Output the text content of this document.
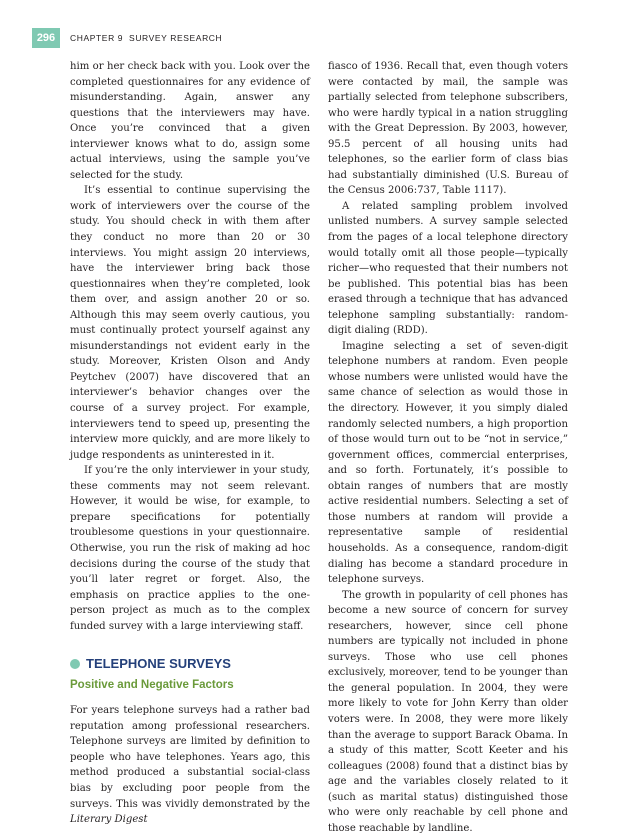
296	CHAPTER 9 SURVEY RESEARCH

him or her check back with you. Look over the completed questionnaires for any evidence of misunderstanding. Again, answer any questions that the interviewers may have. Once you’re convinced that a given interviewer knows what to do, assign some actual interviews, using the sample you’ve selected for the study.

It’s essential to continue supervising the work of interviewers over the course of the study. You should check in with them after they conduct no more than 20 or 30 interviews. You might assign 20 interviews, have the interviewer bring back those questionnaires when they’re completed, look them over, and assign another 20 or so. Although this may seem overly cautious, you must continually protect yourself against any misunderstandings not evident early in the study. Moreover, Kristen Olson and Andy Peytchev (2007) have discovered that an interviewer’s behavior changes over the course of a survey project. For example, interviewers tend to speed up, presenting the interview more quickly, and are more likely to judge respondents as uninterested in it.

If you’re the only interviewer in your study, these comments may not seem relevant. However, it would be wise, for example, to prepare specifications for potentially troublesome questions in your questionnaire. Otherwise, you run the risk of making ad hoc decisions during the course of the study that you’ll later regret or forget. Also, the emphasis on practice applies to the one-person project as much as to the complex funded survey with a large interviewing staff.

TELEPHONE SURVEYS
Positive and Negative Factors

For years telephone surveys had a rather bad reputation among professional researchers. Telephone surveys are limited by definition to people who have telephones. Years ago, this method produced a substantial social-class bias by excluding poor people from the surveys. This was vividly demonstrated by the Literary Digest

fiasco of 1936. Recall that, even though voters were contacted by mail, the sample was partially selected from telephone subscribers, who were hardly typical in a nation struggling with the Great Depression. By 2003, however, 95.5 percent of all housing units had telephones, so the earlier form of class bias had substantially diminished (U.S. Bureau of the Census 2006:737, Table 1117).

A related sampling problem involved unlisted numbers. A survey sample selected from the pages of a local telephone directory would totally omit all those people—typically richer—who requested that their numbers not be published. This potential bias has been erased through a technique that has advanced telephone sampling substantially: random-digit dialing (RDD).

Imagine selecting a set of seven-digit telephone numbers at random. Even people whose numbers were unlisted would have the same chance of selection as would those in the directory. However, it you simply dialed randomly selected numbers, a high proportion of those would turn out to be “not in service,” government offices, commercial enterprises, and so forth. Fortunately, it’s possible to obtain ranges of numbers that are mostly active residential numbers. Selecting a set of those numbers at random will provide a representative sample of residential households. As a consequence, random-digit dialing has become a standard procedure in telephone surveys.

The growth in popularity of cell phones has become a new source of concern for survey researchers, however, since cell phone numbers are typically not included in phone surveys. Those who use cell phones exclusively, moreover, tend to be younger than the general population. In 2004, they were more likely to vote for John Kerry than older voters were. In 2008, they were more likely than the average to support Barack Obama. In a study of this matter, Scott Keeter and his colleagues (2008) found that a distinct bias by age and the variables closely related to it (such as marital status) distinguished those who were only reachable by cell phone and those reachable by landline.
